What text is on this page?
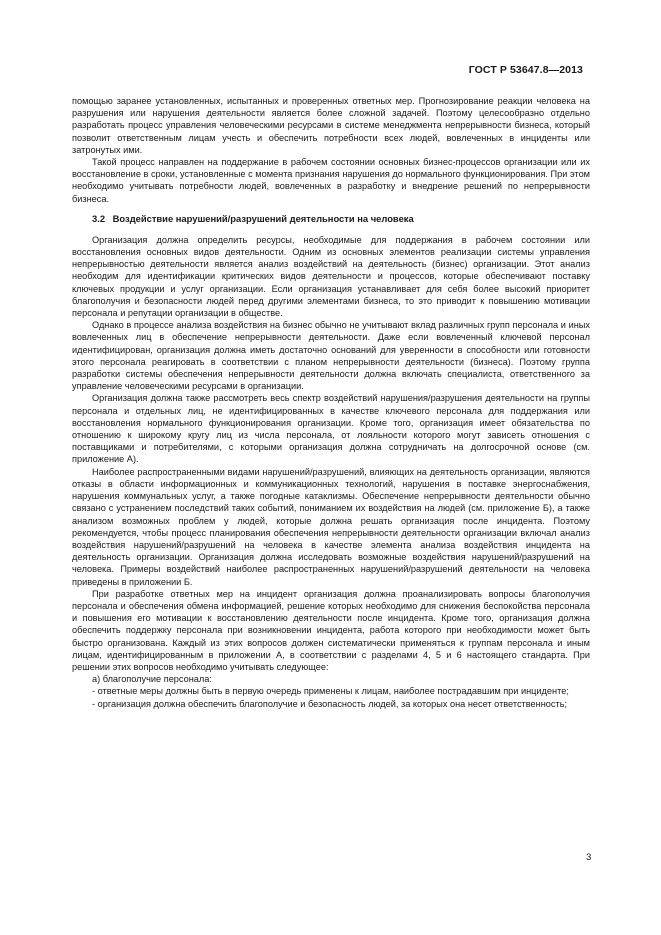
ГОСТ Р 53647.8—2013

помощью заранее установленных, испытанных и проверенных ответных мер. Прогнозирование реакции человека на разрушения или нарушения деятельности является более сложной задачей. Поэтому целесообразно отдельно разработать процесс управления человеческими ресурсами в системе менеджмента непрерывности бизнеса, который позволит ответственным лицам учесть и обеспечить потребности всех людей, вовлеченных в инциденты или затронутых ими.

Такой процесс направлен на поддержание в рабочем состоянии основных бизнес-процессов организации или их восстановление в сроки, установленные с момента признания нарушения до нормального функционирования. При этом необходимо учитывать потребности людей, вовлеченных в разработку и внедрение решений по непрерывности бизнеса.

3.2 Воздействие нарушений/разрушений деятельности на человека

Организация должна определить ресурсы, необходимые для поддержания в рабочем состоянии или восстановления основных видов деятельности. Одним из основных элементов реализации системы управления непрерывностью деятельности является анализ воздействий на деятельность (бизнес) организации. Этот анализ необходим для идентификации критических видов деятельности и процессов, которые обеспечивают поставку ключевых продукции и услуг организации. Если организация устанавливает для себя более высокий приоритет благополучия и безопасности людей перед другими элементами бизнеса, то это приводит к повышению мотивации персонала и репутации организации в обществе.

Однако в процессе анализа воздействия на бизнес обычно не учитывают вклад различных групп персонала и иных вовлеченных лиц в обеспечение непрерывности деятельности. Даже если вовлеченный ключевой персонал идентифицирован, организация должна иметь достаточно оснований для уверенности в способности или готовности этого персонала реагировать в соответствии с планом непрерывности деятельности (бизнеса). Поэтому группа разработки системы обеспечения непрерывности деятельности должна включать специалиста, ответственного за управление человеческими ресурсами в организации.

Организация должна также рассмотреть весь спектр воздействий нарушения/разрушения деятельности на группы персонала и отдельных лиц, не идентифицированных в качестве ключевого персонала для поддержания или восстановления нормального функционирования организации. Кроме того, организация имеет обязательства по отношению к широкому кругу лиц из числа персонала, от лояльности которого могут зависеть отношения с поставщиками и потребителями, с которыми организация должна сотрудничать на долгосрочной основе (см. приложение А).

Наиболее распространенными видами нарушений/разрушений, влияющих на деятельность организации, являются отказы в области информационных и коммуникационных технологий, нарушения в поставке энергоснабжения, нарушения коммунальных услуг, а также погодные катаклизмы. Обеспечение непрерывности деятельности обычно связано с устранением последствий таких событий, пониманием их воздействия на людей (см. приложение Б), а также анализом возможных проблем у людей, которые должна решать организация после инцидента. Поэтому рекомендуется, чтобы процесс планирования обеспечения непрерывности деятельности организации включал анализ воздействия нарушений/разрушений на человека в качестве элемента анализа воздействия инцидента на деятельность организации. Организация должна исследовать возможные воздействия нарушений/разрушений на человека. Примеры воздействий наиболее распространенных нарушений/разрушений деятельности на человека приведены в приложении Б.

При разработке ответных мер на инцидент организация должна проанализировать вопросы благополучия персонала и обеспечения обмена информацией, решение которых необходимо для снижения беспокойства персонала и повышения его мотивации к восстановлению деятельности после инцидента. Кроме того, организация должна обеспечить поддержку персонала при возникновении инцидента, работа которого при необходимости может быть быстро организована. Каждый из этих вопросов должен систематически применяться к группам персонала и иным лицам, идентифицированным в приложении А, в соответствии с разделами 4, 5 и 6 настоящего стандарта. При решении этих вопросов необходимо учитывать следующее:

а) благополучие персонала:

- ответные меры должны быть в первую очередь применены к лицам, наиболее пострадавшим при инциденте;

- организация должна обеспечить благополучие и безопасность людей, за которых она несет ответственность;

3
